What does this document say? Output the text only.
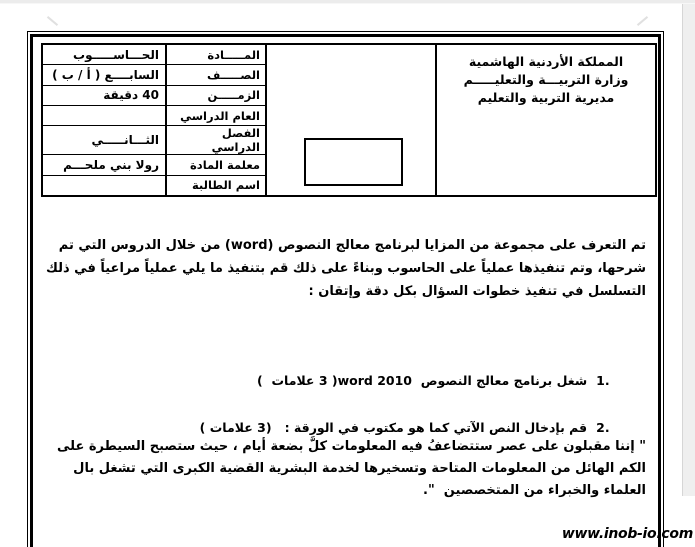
المملكة الأردنية الهاشمية
وزارة التربيـــة والتعليـــــم
مديرية التربية والتعليم
المـــــادة
الحـــاســـــوب
الصـــــف
السابــــع ( أ / ب )
الزمـــــن
40 دقيقة
العام الدراسي
الفصل الدراسي
الثـــانـــــي
معلمة المادة
رولا بني ملحـــم
اسم الطالبة
تم التعرف على مجموعة من المزايا لبرنامج معالج النصوص (word) من خلال الدروس التي تم شرحها، وتم تنفيذها عملياً على الحاسوب وبناءً على ذلك قم بتنفيذ ما يلي عملياً مراعياً في ذلك التسلسل في تنفيذ خطوات السؤال بكل دقة وإتقان :

1.شغل برنامج معالج النصوص  word 2010( 3 علامات  )

2.قم بإدخال النص الآتي كما هو مكتوب في الورقة :   (3 علامات )

" إننا مقبلون على عصر ستتضاعفُ فيه المعلومات كلَّ بضعة أيام ، حيث ستصبح السيطرة على الكم الهائل من المعلومات المتاحة وتسخيرها لخدمة البشرية القضية الكبرى التي تشغل بال العلماء والخبراء من المتخصصين  ".
www.inob-io.com
